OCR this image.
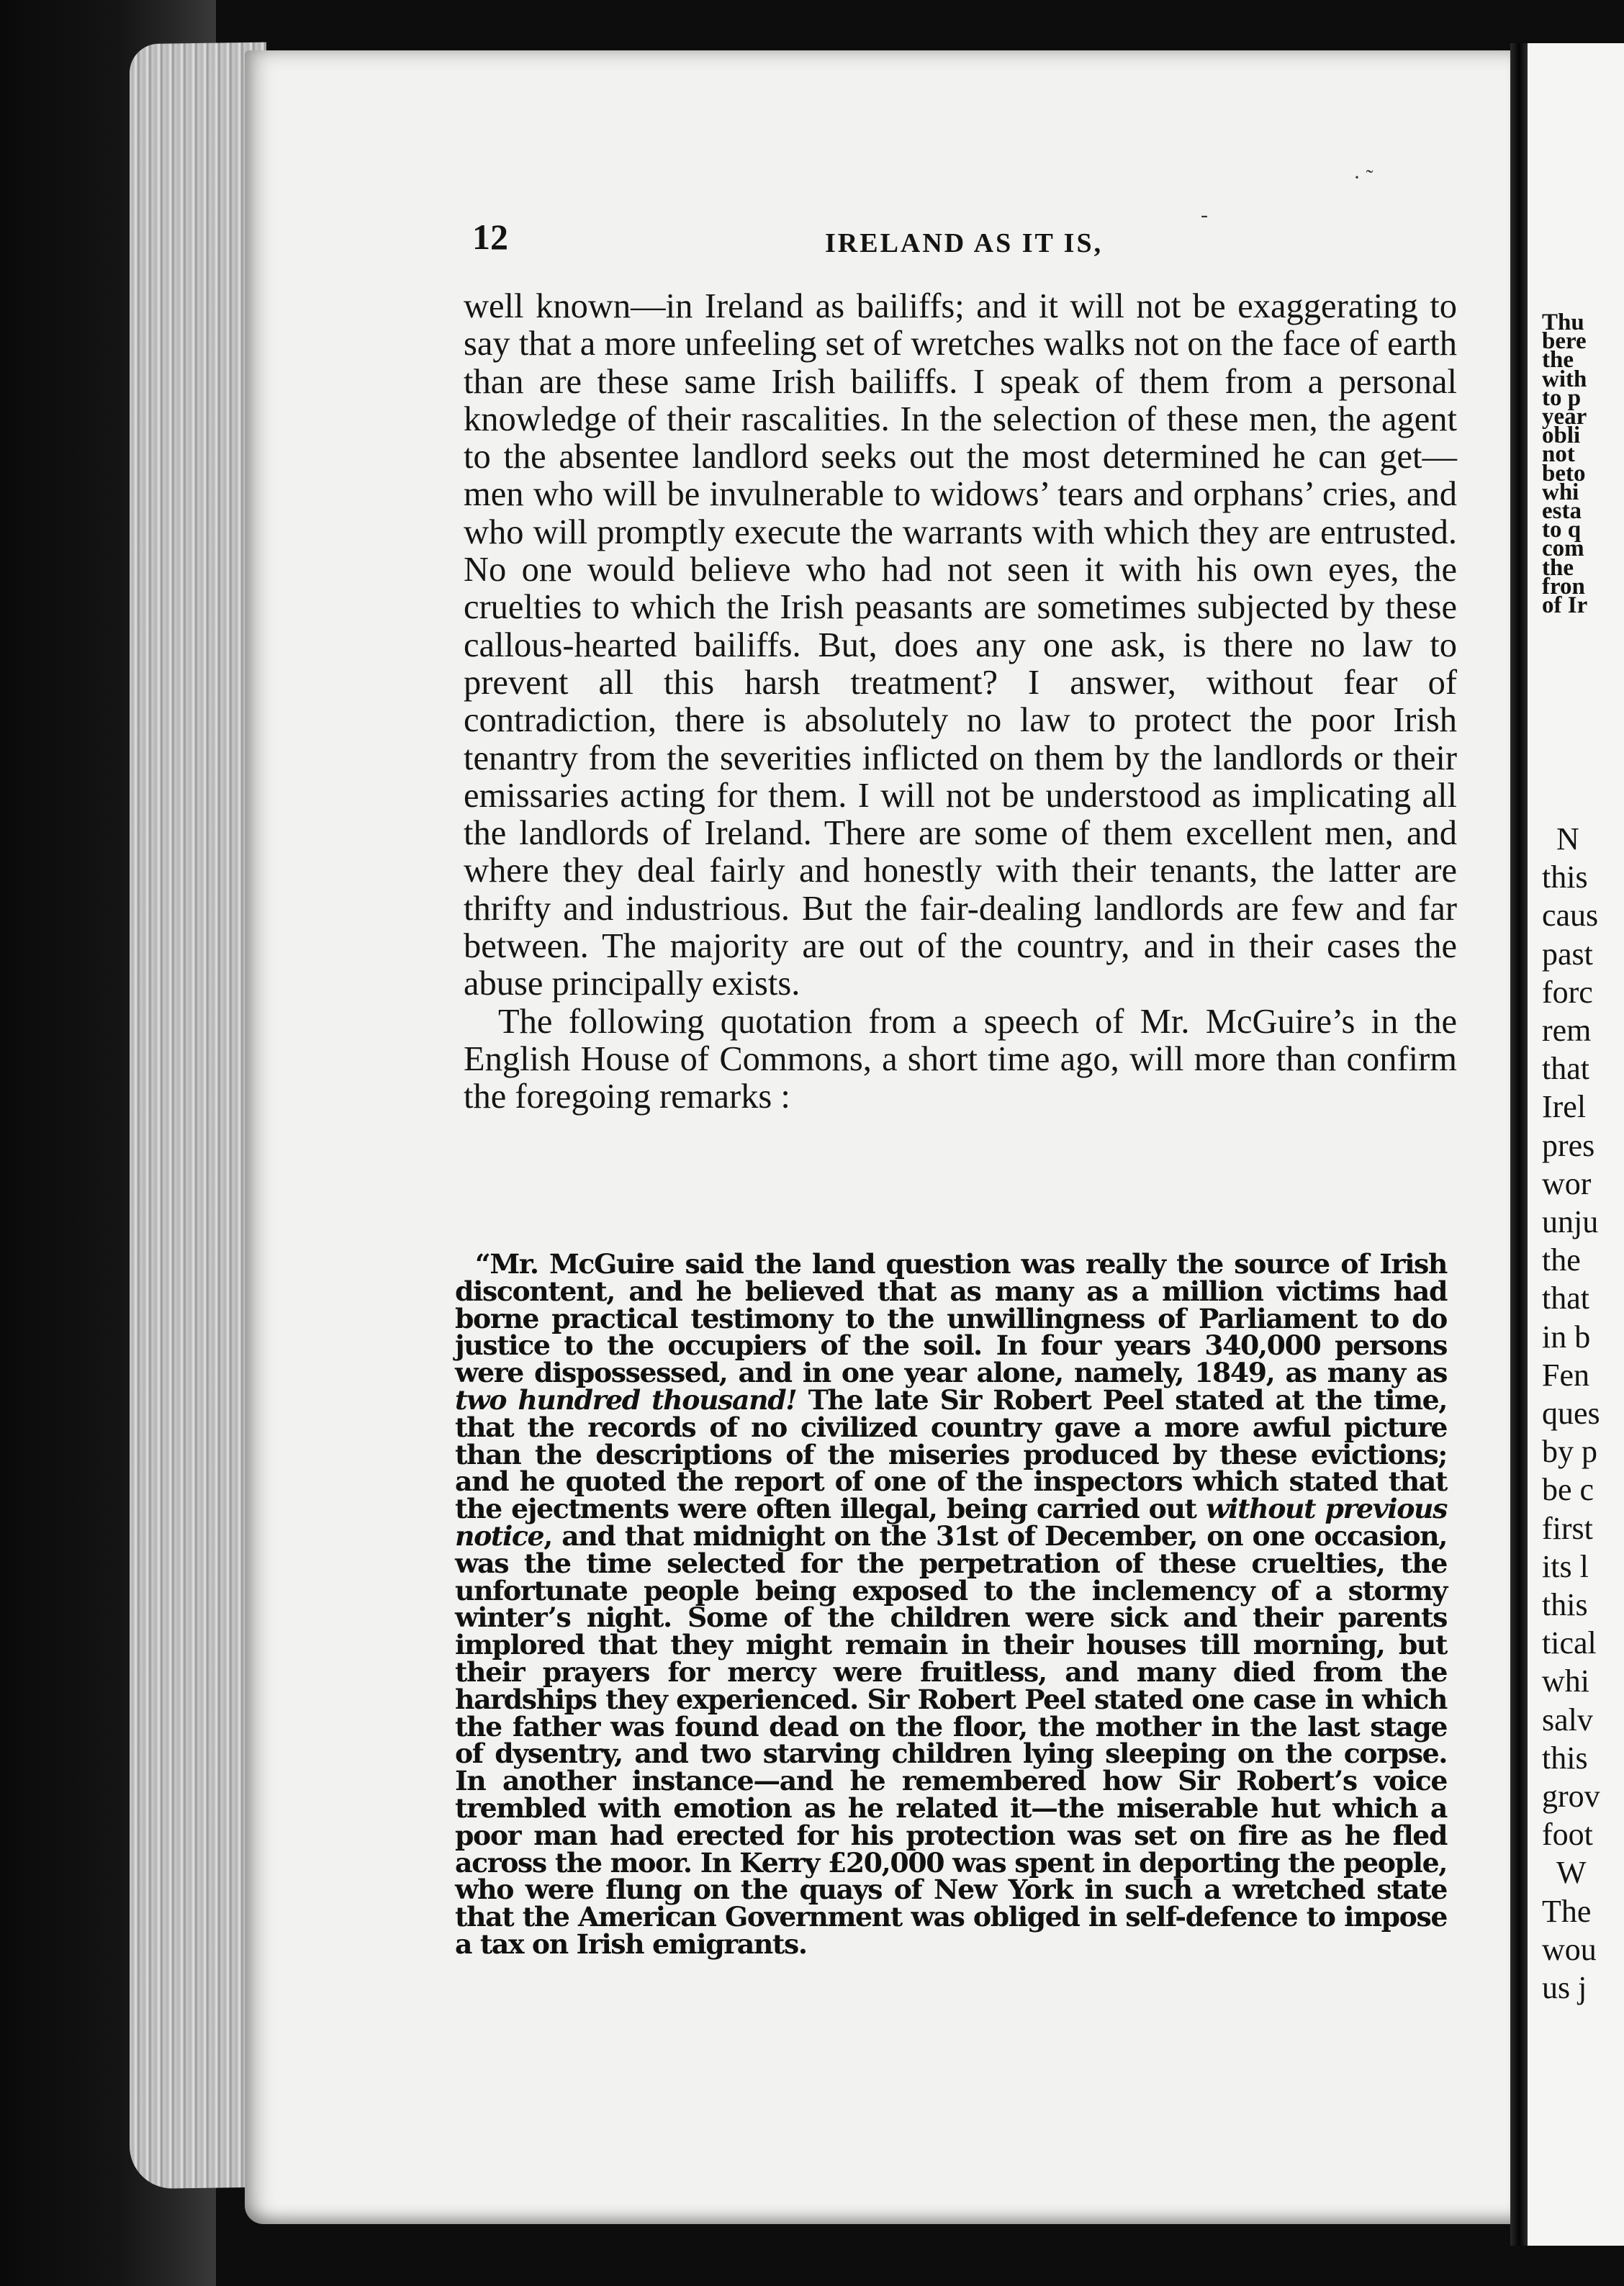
· ˜
-
12	IRELAND AS IT IS,

well known—in Ireland as bailiffs; and it will not be exaggerating to say that a more unfeeling set of wretches walks not on the face of earth than are these same Irish bailiffs. I speak of them from a personal knowledge of their rascalities. In the selection of these men, the agent to the absentee landlord seeks out the most determined he can get—men who will be invulnerable to widows’ tears and orphans’ cries, and who will promptly execute the warrants with which they are entrusted. No one would believe who had not seen it with his own eyes, the cruelties to which the Irish peasants are sometimes subjected by these callous-hearted bailiffs. But, does any one ask, is there no law to prevent all this harsh treatment? I answer, without fear of contradiction, there is absolutely no law to protect the poor Irish tenantry from the severities inflicted on them by the landlords or their emissaries acting for them. I will not be understood as implicating all the landlords of Ireland. There are some of them excellent men, and where they deal fairly and honestly with their tenants, the latter are thrifty and industrious. But the fair-dealing landlords are few and far between. The majority are out of the country, and in their cases the abuse principally exists.

The following quotation from a speech of Mr. McGuire’s in the English House of Commons, a short time ago, will more than confirm the foregoing remarks :

“Mr. McGuire said the land question was really the source of Irish discontent, and he believed that as many as a million victims had borne practical testimony to the unwillingness of Parliament to do justice to the occupiers of the soil. In four years 340,000 persons were dispossessed, and in one year alone, namely, 1849, as many as two hundred thousand! The late Sir Robert Peel stated at the time, that the records of no civilized country gave a more awful picture than the descriptions of the miseries produced by these evictions; and he quoted the report of one of the inspectors which stated that the ejectments were often illegal, being carried out without previous notice, and that midnight on the 31st of December, on one occasion, was the time selected for the perpetration of these cruelties, the unfortunate people being exposed to the inclemency of a stormy winter’s night. Some of the children were sick and their parents implored that they might remain in their houses till morning, but their prayers for mercy were fruitless, and many died from the hardships they experienced. Sir Robert Peel stated one case in which the father was found dead on the floor, the mother in the last stage of dysentry, and two starving children lying sleeping on the corpse. In another instance—and he remembered how Sir Robert’s voice trembled with emotion as he related it—the miserable hut which a poor man had erected for his protection was set on fire as he fled across the moor. In Kerry £20,000 was spent in deporting the people, who were flung on the quays of New York in such a wretched state that the American Government was obliged in self-defence to impose a tax on Irish emigrants.

Thu
bere
the
with
to p
year
obli
not
beto
whi
esta
to q
com
the
fron
of Ir
N
this
caus
past
forc
rem
that
Irel
pres
wor
unju
the
that
in b
Fen
ques
by p
be c
first
its l
this
tical
whi
salv
this
grov
foot
W
The
wou
us j
